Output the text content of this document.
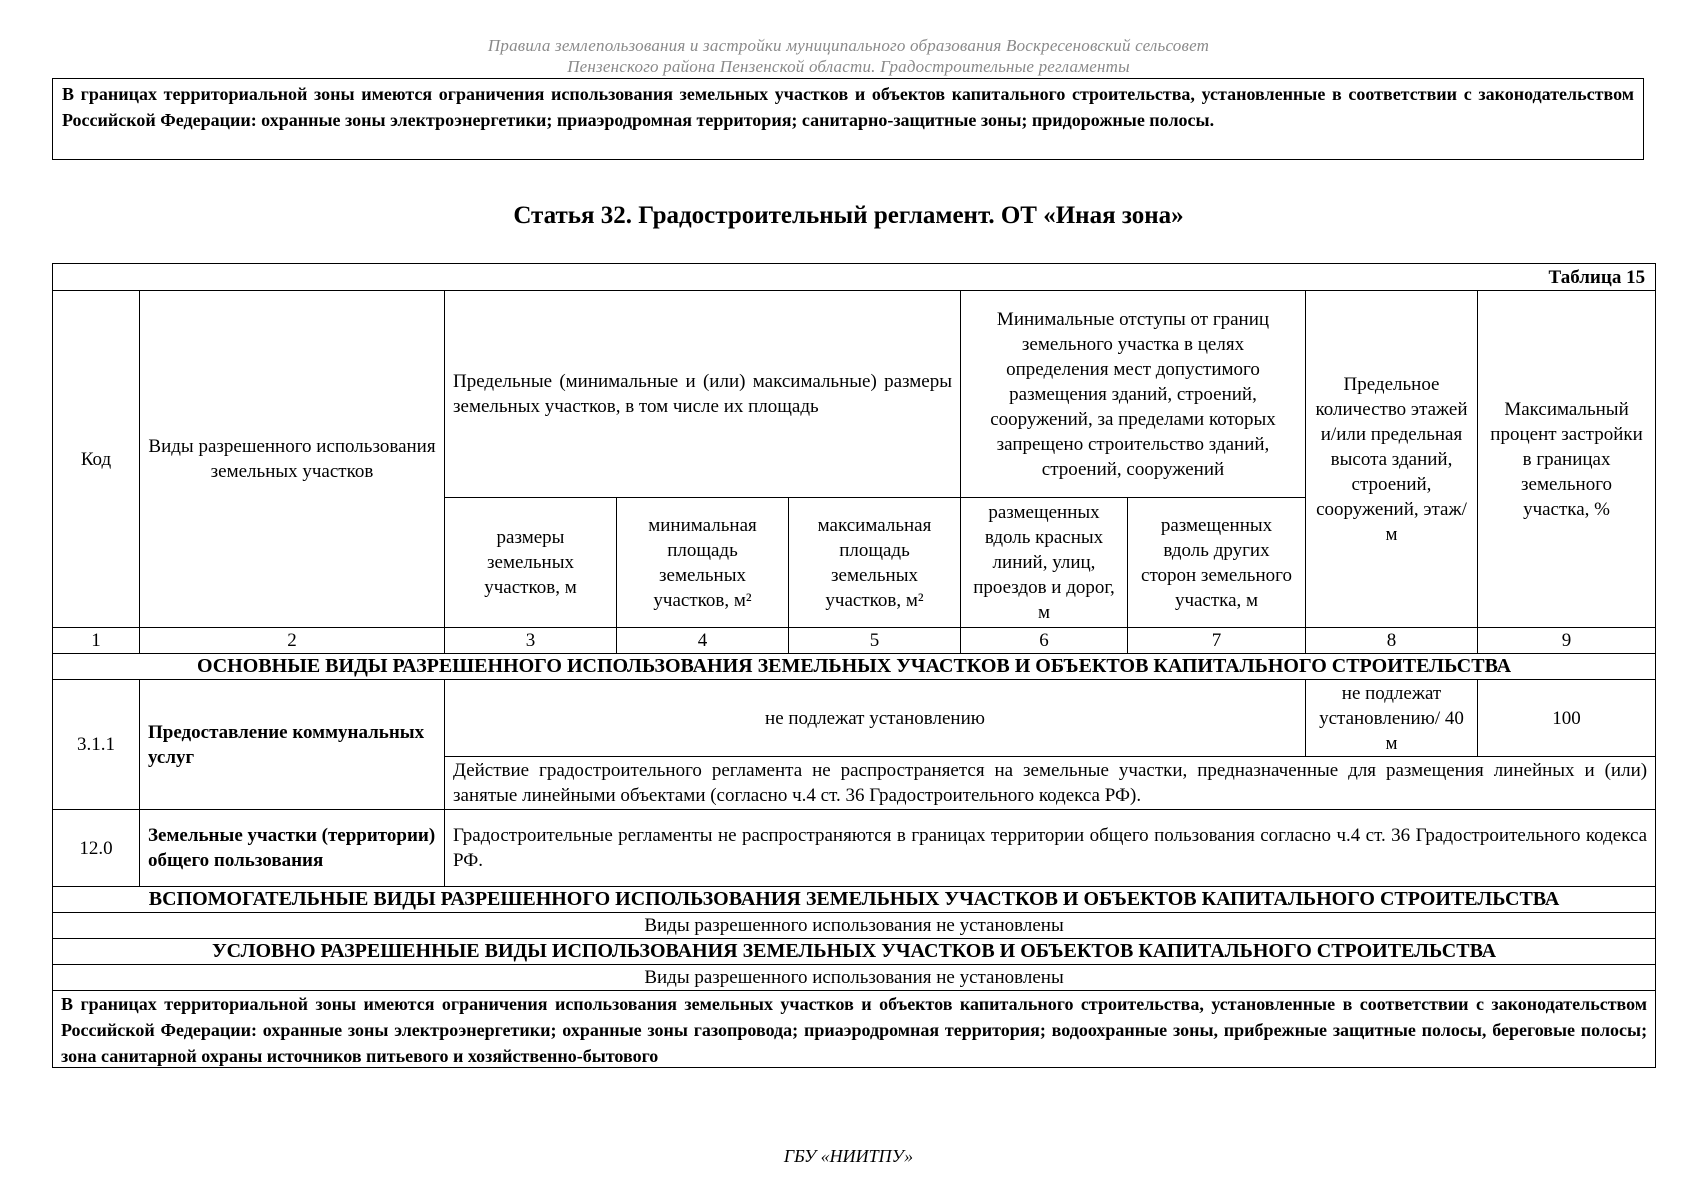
Правила землепользования и застройки муниципального образования Воскресеновский сельсовет
Пензенского района Пензенской области. Градостроительные регламенты
В границах территориальной зоны имеются ограничения использования земельных участков и объектов капитального строительства, установленные в соответствии с законодательством Российской Федерации: охранные зоны электроэнергетики; приаэродромная территория; санитарно-защитные зоны; придорожные полосы.
Статья 32. Градостроительный регламент. ОТ «Иная зона»
Таблица 15								
Код	Виды разрешенного использования земельных участков	Предельные (минимальные и (или) максимальные) размеры земельных участков, в том числе их площадь			Минимальные отступы от границ земельного участка в целях определения мест допустимого размещения зданий, строений, сооружений, за пределами которых запрещено строительство зданий, строений, сооружений		Предельное количество этажей и/или предельная высота зданий, строений, сооружений, этаж/м	Максимальный процент застройки в границах земельного участка, %
		размеры земельных участков, м	минимальная площадь земельных участков, м²	максимальная площадь земельных участков, м²	размещенных вдоль красных линий, улиц, проездов и дорог, м	размещенных вдоль других сторон земельного участка, м		
1	2	3	4	5	6	7	8	9
ОСНОВНЫЕ ВИДЫ РАЗРЕШЕННОГО ИСПОЛЬЗОВАНИЯ ЗЕМЕЛЬНЫХ УЧАСТКОВ И ОБЪЕКТОВ КАПИТАЛЬНОГО СТРОИТЕЛЬСТВА								
3.1.1	Предоставление коммунальных услуг	не подлежат установлению					не подлежат установлению/ 40 м	100
		Действие градостроительного регламента не распространяется на земельные участки, предназначенные для размещения линейных и (или) занятые линейными объектами (согласно ч.4 ст. 36 Градостроительного кодекса РФ).						
12.0	Земельные участки (территории) общего пользования	Градостроительные регламенты не распространяются в границах территории общего пользования согласно ч.4 ст. 36 Градостроительного кодекса РФ.						
ВСПОМОГАТЕЛЬНЫЕ ВИДЫ РАЗРЕШЕННОГО ИСПОЛЬЗОВАНИЯ ЗЕМЕЛЬНЫХ УЧАСТКОВ И ОБЪЕКТОВ КАПИТАЛЬНОГО СТРОИТЕЛЬСТВА								
Виды разрешенного использования не установлены								
УСЛОВНО РАЗРЕШЕННЫЕ ВИДЫ ИСПОЛЬЗОВАНИЯ ЗЕМЕЛЬНЫХ УЧАСТКОВ И ОБЪЕКТОВ КАПИТАЛЬНОГО СТРОИТЕЛЬСТВА								
Виды разрешенного использования не установлены								

В границах территориальной зоны имеются ограничения использования земельных участков и объектов капитального строительства, установленные в соответствии с законодательством Российской Федерации: охранные зоны электроэнергетики; охранные зоны газопровода; приаэродромная территория; водоохранные зоны, прибрежные защитные полосы, береговые полосы; зона санитарной охраны источников питьевого и хозяйственно-бытового								
ГБУ «НИИТПУ»
